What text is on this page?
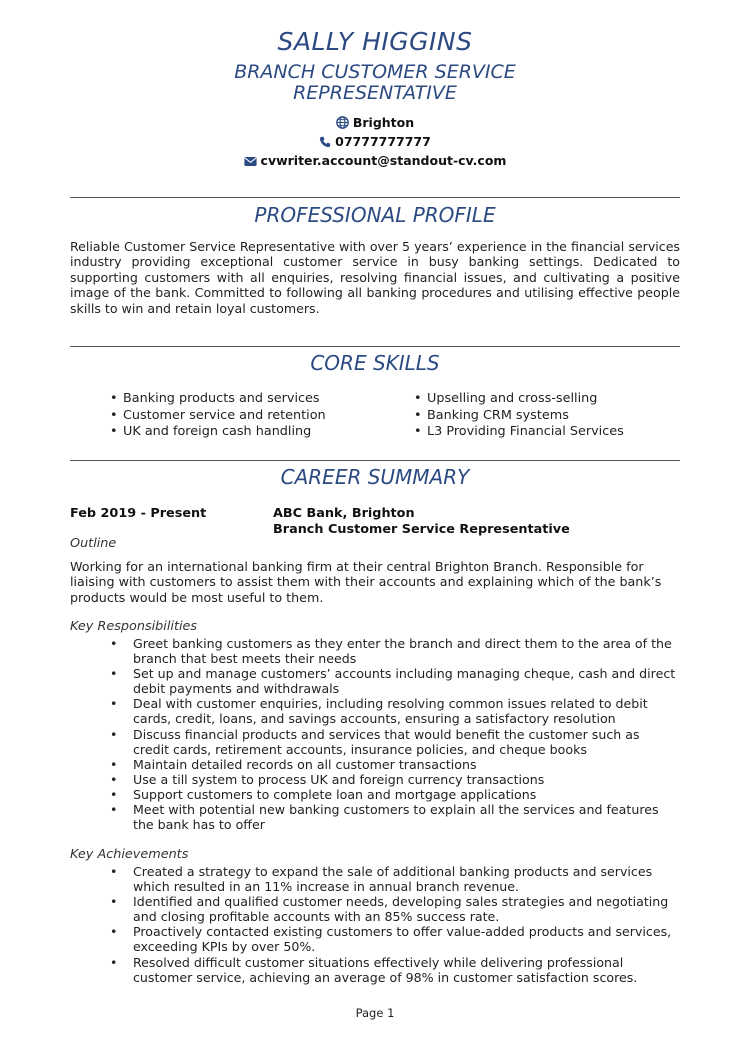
SALLY HIGGINS
BRANCH CUSTOMER SERVICE
REPRESENTATIVE
Brighton
07777777777
cvwriter.account@standout-cv.com
PROFESSIONAL PROFILE
Reliable Customer Service Representative with over 5 years’ experience in the financial services industry providing exceptional customer service in busy banking settings. Dedicated to supporting customers with all enquiries, resolving financial issues, and cultivating a positive image of the bank. Committed to following all banking procedures and utilising effective people skills to win and retain loyal customers.
CORE SKILLS
• Banking products and services
• Customer service and retention
• UK and foreign cash handling
• Upselling and cross-selling
• Banking CRM systems
• L3 Providing Financial Services
CAREER SUMMARY
Feb 2019 - Present	ABC Bank, Brighton
Branch Customer Service Representative
Outline
Working for an international banking firm at their central Brighton Branch. Responsible for liaising with customers to assist them with their accounts and explaining which of the bank’s products would be most useful to them.
Key Responsibilities
• Greet banking customers as they enter the branch and direct them to the area of the branch that best meets their needs
• Set up and manage customers’ accounts including managing cheque, cash and direct debit payments and withdrawals
• Deal with customer enquiries, including resolving common issues related to debit cards, credit, loans, and savings accounts, ensuring a satisfactory resolution
• Discuss financial products and services that would benefit the customer such as credit cards, retirement accounts, insurance policies, and cheque books
• Maintain detailed records on all customer transactions
• Use a till system to process UK and foreign currency transactions
• Support customers to complete loan and mortgage applications
• Meet with potential new banking customers to explain all the services and features the bank has to offer
Key Achievements
• Created a strategy to expand the sale of additional banking products and services which resulted in an 11% increase in annual branch revenue.
• Identified and qualified customer needs, developing sales strategies and negotiating and closing profitable accounts with an 85% success rate.
• Proactively contacted existing customers to offer value-added products and services, exceeding KPIs by over 50%.
• Resolved difficult customer situations effectively while delivering professional customer service, achieving an average of 98% in customer satisfaction scores.
Page 1
